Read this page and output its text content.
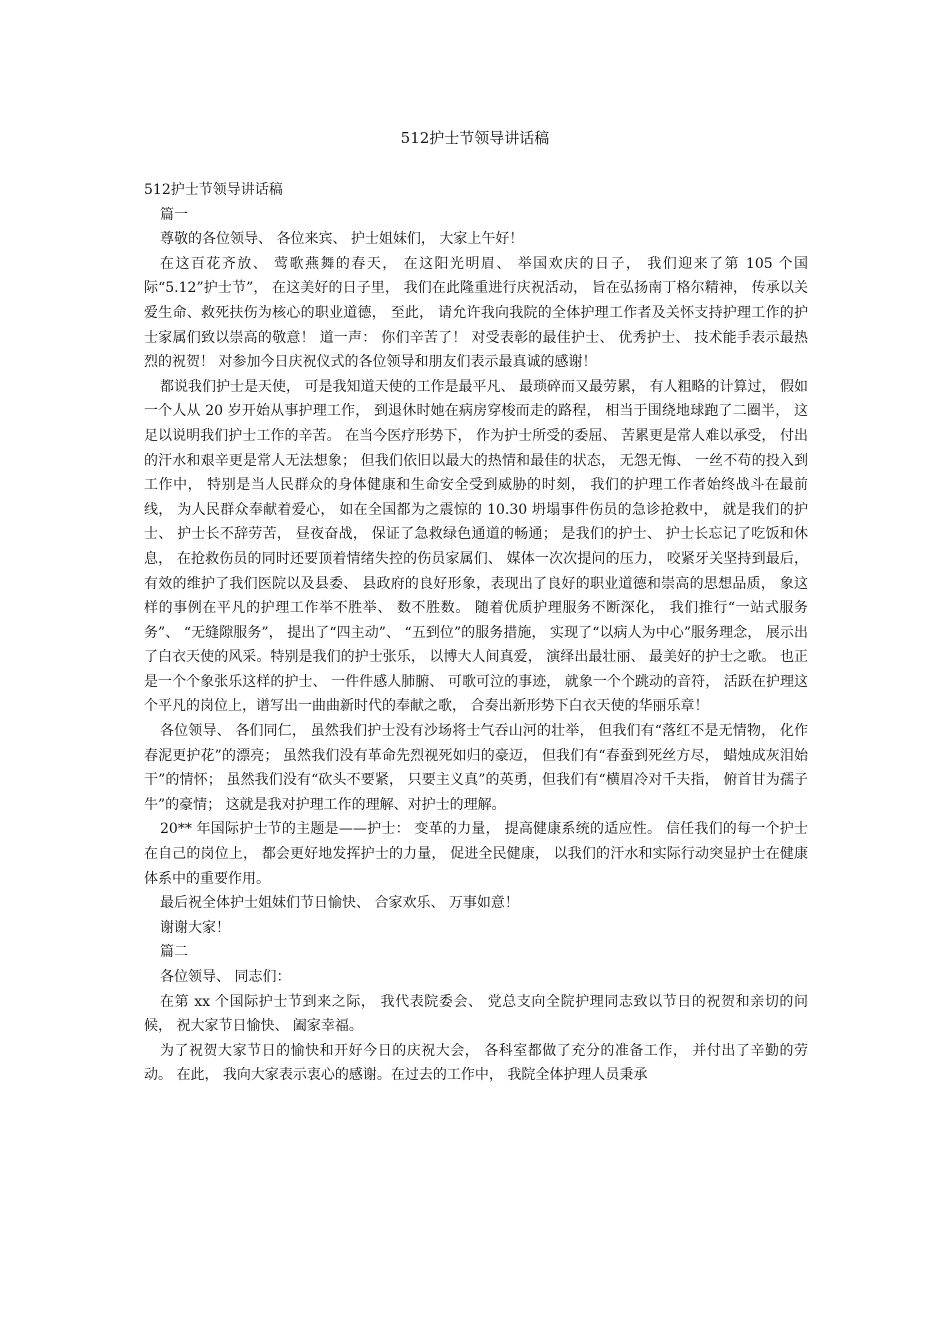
512护士节领导讲话稿

512护士节领导讲话稿

篇一

尊敬的各位领导、 各位来宾、 护士姐妹们， 大家上午好！

在这百花齐放、 莺歌燕舞的春天， 在这阳光明眉、 举国欢庆的日子， 我们迎来了第 105 个国际“5.12”护士节”， 在这美好的日子里， 我们在此隆重进行庆祝活动， 旨在弘扬南丁格尔精神， 传承以关爱生命、救死扶伤为核心的职业道德， 至此， 请允许我向我院的全体护理工作者及关怀支持护理工作的护士家属们致以崇高的敬意！ 道一声： 你们辛苦了！ 对受表彰的最佳护士、 优秀护士、 技术能手表示最热烈的祝贺！ 对参加今日庆祝仪式的各位领导和朋友们表示最真诚的感谢！

都说我们护士是天使， 可是我知道天使的工作是最平凡、 最琐碎而又最劳累， 有人粗略的计算过， 假如一个人从 20 岁开始从事护理工作， 到退休时她在病房穿梭而走的路程， 相当于围绕地球跑了二圈半， 这足以说明我们护士工作的辛苦。 在当今医疗形势下， 作为护士所受的委屈、 苦累更是常人难以承受， 付出的汗水和艰辛更是常人无法想象； 但我们依旧以最大的热情和最佳的状态， 无怨无悔、 一丝不苟的投入到工作中， 特别是当人民群众的身体健康和生命安全受到威胁的时刻， 我们的护理工作者始终战斗在最前线， 为人民群众奉献着爱心， 如在全国都为之震惊的 10.30 坍塌事件伤员的急诊抢救中， 就是我们的护士、 护士长不辞劳苦， 昼夜奋战， 保证了急救绿色通道的畅通； 是我们的护士、 护士长忘记了吃饭和休息， 在抢救伤员的同时还要顶着情绪失控的伤员家属们、 媒体一次次提问的压力， 咬紧牙关坚持到最后， 有效的维护了我们医院以及县委、 县政府的良好形象，表现出了良好的职业道德和崇高的思想品质， 象这样的事例在平凡的护理工作举不胜举、 数不胜数。 随着优质护理服务不断深化， 我们推行“一站式服务务”、 “无缝隙服务”， 提出了“四主动”、 “五到位”的服务措施， 实现了“以病人为中心”服务理念， 展示出了白衣天使的风采。特别是我们的护士张乐， 以博大人间真爱， 演绎出最壮丽、 最美好的护士之歌。 也正是一个个象张乐这样的护士、 一件件感人肺腑、 可歌可泣的事迹， 就象一个个跳动的音符， 活跃在护理这个平凡的岗位上，谱写出一曲曲新时代的奉献之歌， 合奏出新形势下白衣天使的华丽乐章！

各位领导、 各们同仁， 虽然我们护士没有沙场将士气吞山河的壮举， 但我们有“落红不是无情物， 化作春泥更护花”的漂亮； 虽然我们没有革命先烈视死如归的豪迈， 但我们有“春蚕到死丝方尽， 蜡烛成灰泪始干”的情怀； 虽然我们没有“砍头不要紧， 只要主义真”的英勇，但我们有“横眉冷对千夫指， 俯首甘为孺子牛”的豪情； 这就是我对护理工作的理解、对护士的理解。

20** 年国际护士节的主题是——护士： 变革的力量， 提高健康系统的适应性。 信任我们的每一个护士在自己的岗位上， 都会更好地发挥护士的力量， 促进全民健康， 以我们的汗水和实际行动突显护士在健康体系中的重要作用。

最后祝全体护士姐妹们节日愉快、 合家欢乐、 万事如意！

谢谢大家！

篇二

各位领导、 同志们：

在第 xx 个国际护士节到来之际， 我代表院委会、 党总支向全院护理同志致以节日的祝贺和亲切的问候， 祝大家节日愉快、 阖家幸福。

为了祝贺大家节日的愉快和开好今日的庆祝大会， 各科室都做了充分的准备工作， 并付出了辛勤的劳动。 在此， 我向大家表示衷心的感谢。在过去的工作中， 我院全体护理人员秉承
